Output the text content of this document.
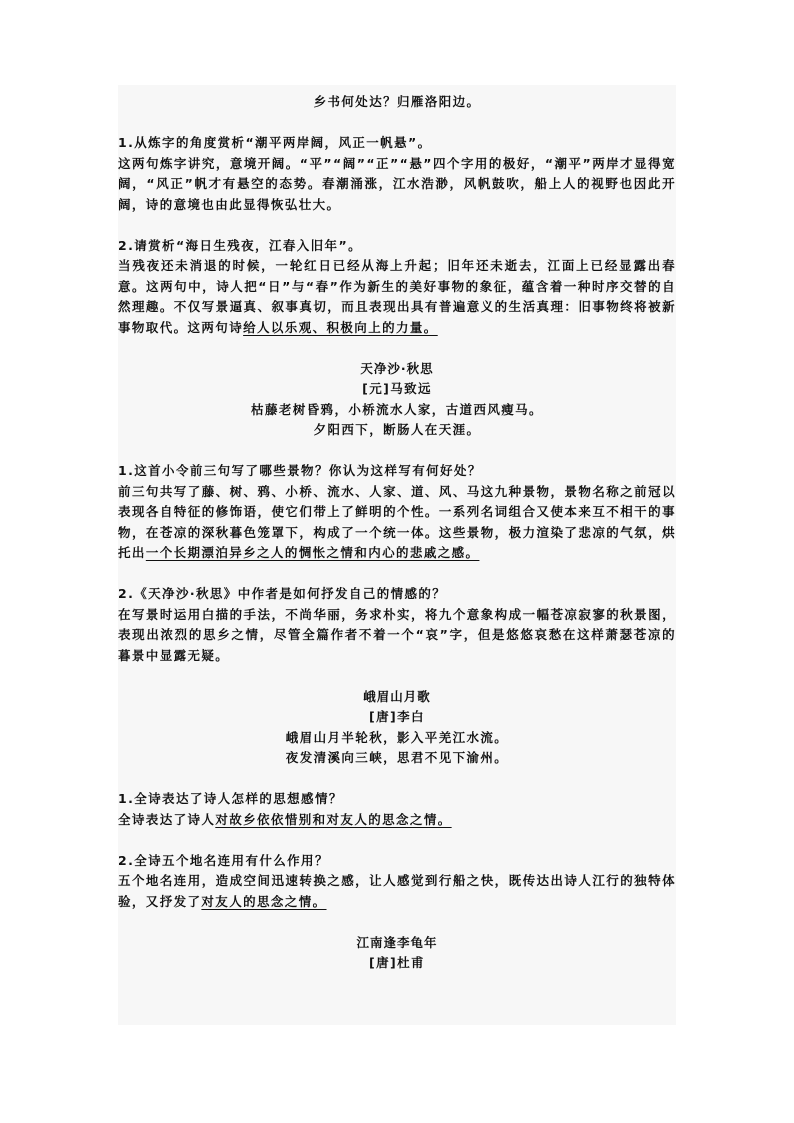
乡书何处达？归雁洛阳边。
1.从炼字的角度赏析“潮平两岸阔，风正一帆悬”。
这两句炼字讲究，意境开阔。“平”“阔”“正”“悬”四个字用的极好，“潮平”两岸才显得宽阔，“风正”帆才有悬空的态势。春潮涌涨，江水浩渺，风帆鼓吹，船上人的视野也因此开阔，诗的意境也由此显得恢弘壮大。
2.请赏析“海日生残夜，江春入旧年”。
当残夜还未消退的时候，一轮红日已经从海上升起；旧年还未逝去，江面上已经显露出春意。这两句中，诗人把“日”与“春”作为新生的美好事物的象征，蕴含着一种时序交替的自然理趣。不仅写景逼真、叙事真切，而且表现出具有普遍意义的生活真理：旧事物终将被新事物取代。这两句诗给人以乐观、积极向上的力量。
天净沙·秋思
[元]马致远
枯藤老树昏鸦，小桥流水人家，古道西风瘦马。
夕阳西下，断肠人在天涯。
1.这首小令前三句写了哪些景物？你认为这样写有何好处？
前三句共写了藤、树、鸦、小桥、流水、人家、道、风、马这九种景物，景物名称之前冠以表现各自特征的修饰语，使它们带上了鲜明的个性。一系列名词组合又使本来互不相干的事物，在苍凉的深秋暮色笼罩下，构成了一个统一体。这些景物，极力渲染了悲凉的气氛，烘托出一个长期漂泊异乡之人的惆怅之情和内心的悲戚之感。
2.《天净沙·秋思》中作者是如何抒发自己的情感的？
在写景时运用白描的手法，不尚华丽，务求朴实，将九个意象构成一幅苍凉寂寥的秋景图，表现出浓烈的思乡之情，尽管全篇作者不着一个“哀”字，但是悠悠哀愁在这样萧瑟苍凉的暮景中显露无疑。
峨眉山月歌
[唐]李白
峨眉山月半轮秋，影入平羌江水流。
夜发清溪向三峡，思君不见下渝州。
1.全诗表达了诗人怎样的思想感情？
全诗表达了诗人对故乡依依惜别和对友人的思念之情。
2.全诗五个地名连用有什么作用？
五个地名连用，造成空间迅速转换之感，让人感觉到行船之快，既传达出诗人江行的独特体验，又抒发了对友人的思念之情。
江南逢李龟年
[唐]杜甫
